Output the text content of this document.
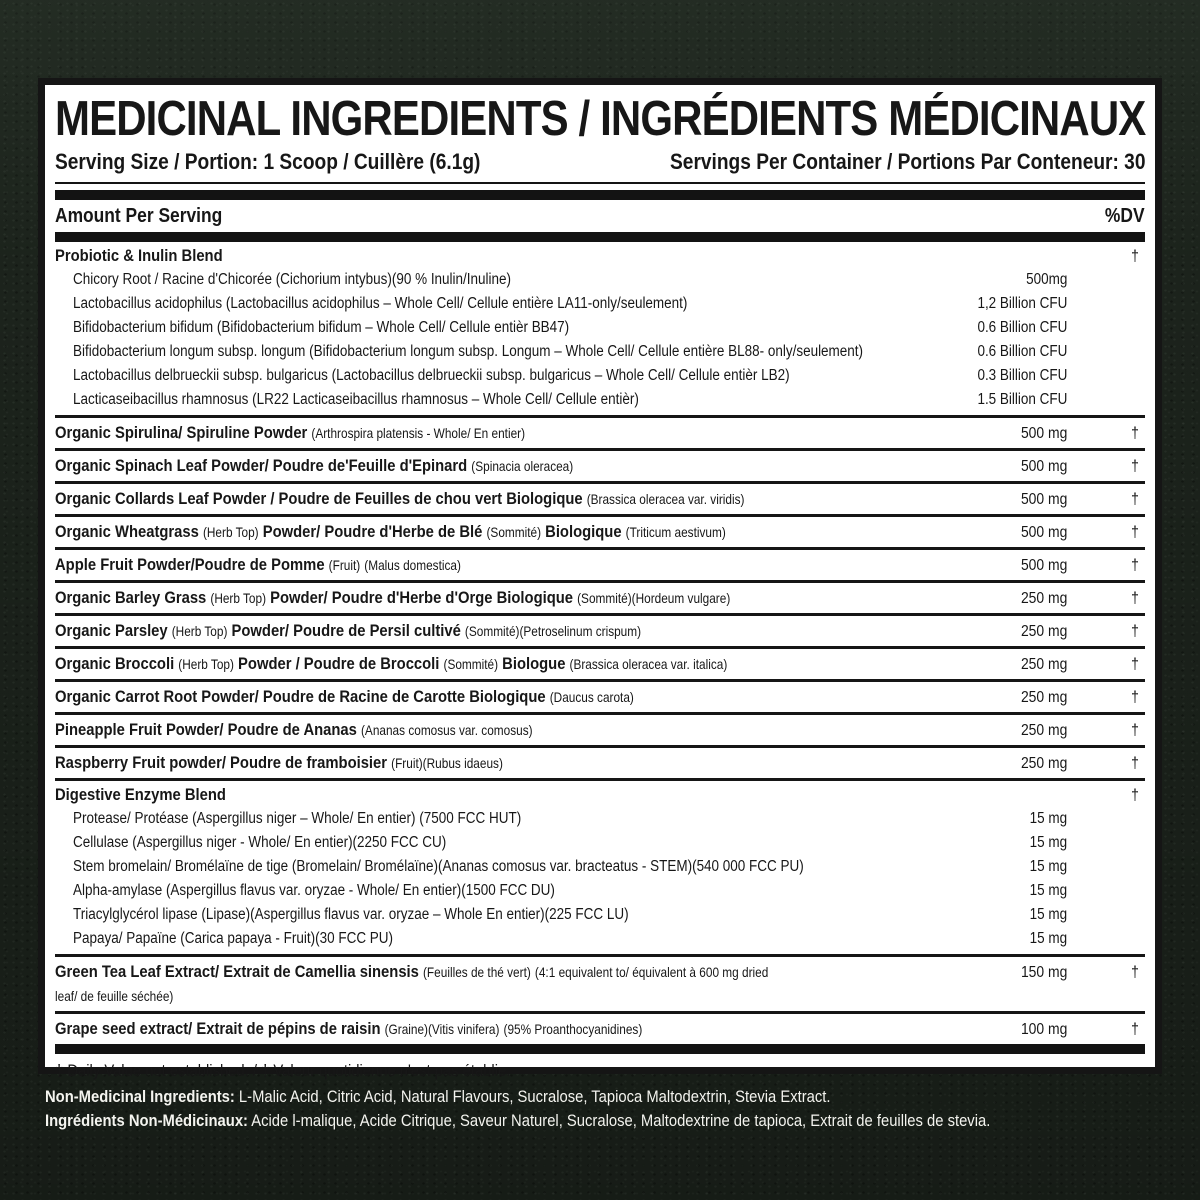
MEDICINAL INGREDIENTS / INGRÉDIENTS MÉDICINAUX
Serving Size / Portion: 1 Scoop / Cuillère (6.1g)	Servings Per Container / Portions Par Conteneur: 30
Amount Per Serving	%DV
Probiotic & Inulin Blend	†
Chicory Root / Racine d'Chicorée (Cichorium intybus)(90 % Inulin/Inuline)	500mg
Lactobacillus acidophilus (Lactobacillus acidophilus – Whole Cell/ Cellule entière LA11-only/seulement)	1,2 Billion CFU
Bifidobacterium bifidum (Bifidobacterium bifidum – Whole Cell/ Cellule entièr BB47)	0.6 Billion CFU
Bifidobacterium longum subsp. longum (Bifidobacterium longum subsp. Longum – Whole Cell/ Cellule entière BL88- only/seulement)	0.6 Billion CFU
Lactobacillus delbrueckii subsp. bulgaricus (Lactobacillus delbrueckii subsp. bulgaricus – Whole Cell/ Cellule entièr LB2)	0.3 Billion CFU
Lacticaseibacillus rhamnosus (LR22 Lacticaseibacillus rhamnosus – Whole Cell/ Cellule entièr)	1.5 Billion CFU
Organic Spirulina/ Spiruline Powder (Arthrospira platensis - Whole/ En entier)	500 mg	†
Organic Spinach Leaf Powder/ Poudre de'Feuille d'Epinard (Spinacia oleracea)	500 mg	†
Organic Collards Leaf Powder / Poudre de Feuilles de chou vert Biologique (Brassica oleracea var. viridis)	500 mg	†
Organic Wheatgrass (Herb Top) Powder/ Poudre d'Herbe de Blé (Sommité) Biologique (Triticum aestivum)	500 mg	†
Apple Fruit Powder/Poudre de Pomme (Fruit) (Malus domestica)	500 mg	†
Organic Barley Grass (Herb Top) Powder/ Poudre d'Herbe d'Orge Biologique (Sommité)(Hordeum vulgare)	250 mg	†
Organic Parsley (Herb Top) Powder/ Poudre de Persil cultivé (Sommité)(Petroselinum crispum)	250 mg	†
Organic Broccoli (Herb Top) Powder / Poudre de Broccoli (Sommité) Biologue (Brassica oleracea var. italica)	250 mg	†
Organic Carrot Root Powder/ Poudre de Racine de Carotte Biologique (Daucus carota)	250 mg	†
Pineapple Fruit Powder/ Poudre de Ananas (Ananas comosus var. comosus)	250 mg	†
Raspberry Fruit powder/ Poudre de framboisier (Fruit)(Rubus idaeus)	250 mg	†
Digestive Enzyme Blend	†
Protease/ Protéase (Aspergillus niger – Whole/ En entier) (7500 FCC HUT)	15 mg
Cellulase (Aspergillus niger - Whole/ En entier)(2250 FCC CU)	15 mg
Stem bromelain/ Bromélaïne de tige (Bromelain/ Bromélaïne)(Ananas comosus var. bracteatus - STEM)(540 000 FCC PU)	15 mg
Alpha-amylase (Aspergillus flavus var. oryzae - Whole/ En entier)(1500 FCC DU)	15 mg
Triacylglycérol lipase (Lipase)(Aspergillus flavus var. oryzae – Whole En entier)(225 FCC LU)	15 mg
Papaya/ Papaïne (Carica papaya - Fruit)(30 FCC PU)	15 mg
Green Tea Leaf Extract/ Extrait de Camellia sinensis (Feuilles de thé vert) (4:1 equivalent to/ équivalent à 600 mg dried leaf/ de feuille séchée)
150 mg	†
Grape seed extract/ Extrait de pépins de raisin (Graine)(Vitis vinifera) (95% Proanthocyanidines)	100 mg	†
† Daily Value not established. / † Valeur quotidienne n'est pas établie.
Non-Medicinal Ingredients: L-Malic Acid, Citric Acid, Natural Flavours, Sucralose, Tapioca Maltodextrin, Stevia Extract.
Ingrédients Non-Médicinaux: Acide l-malique, Acide Citrique, Saveur Naturel, Sucralose, Maltodextrine de tapioca, Extrait de feuilles de stevia.
